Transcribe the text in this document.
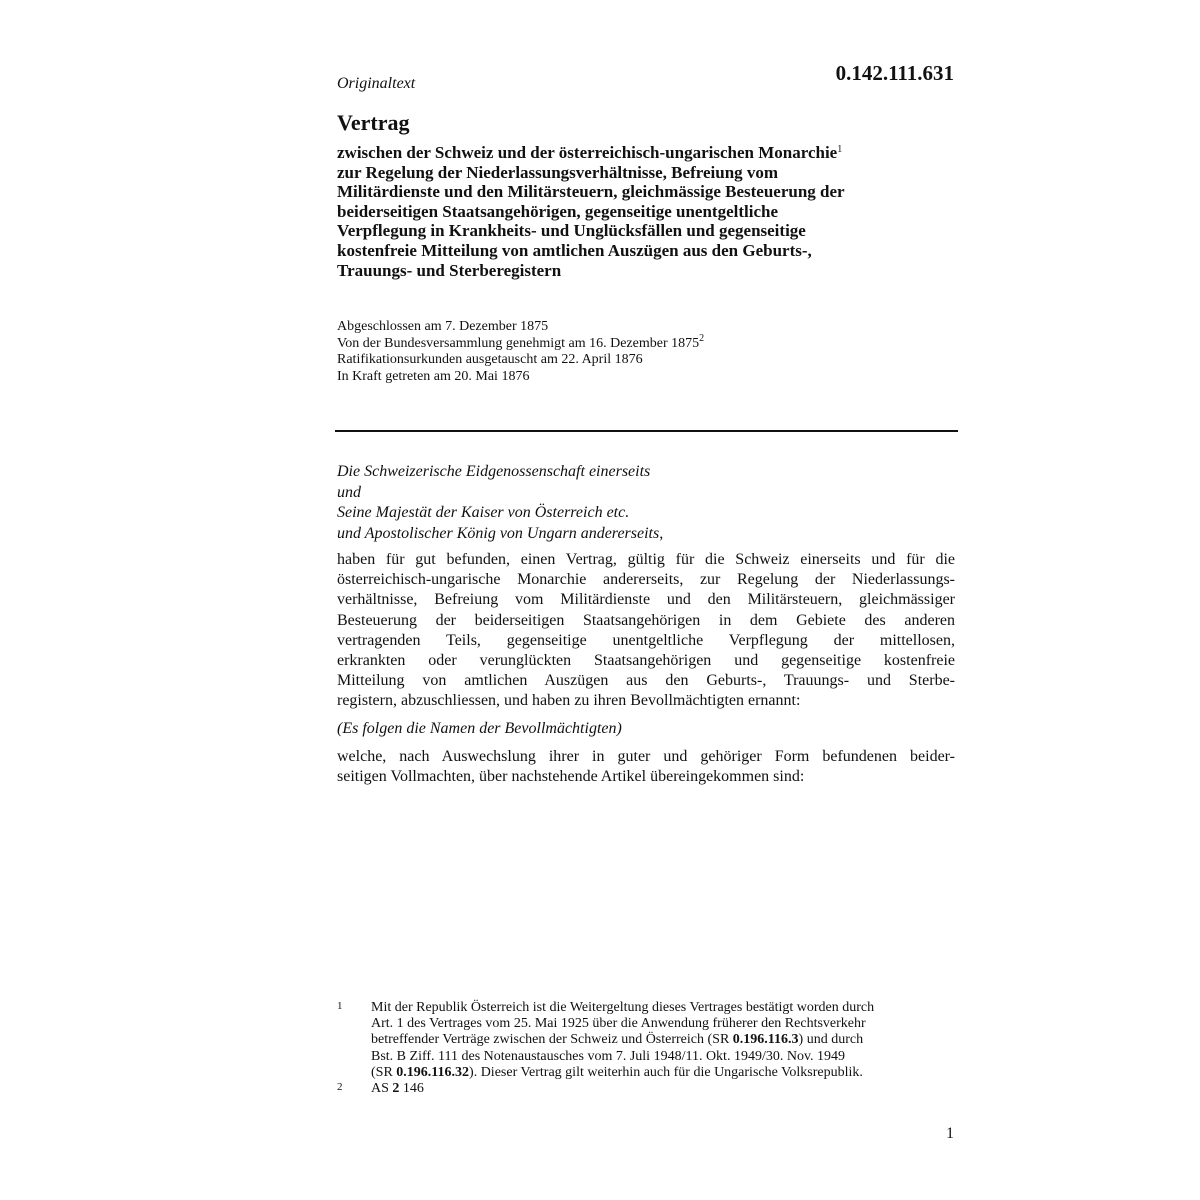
Originaltext	0.142.111.631
Vertrag
zwischen der Schweiz und der österreichisch-ungarischen Monarchie$^1$
zur Regelung der Niederlassungsverhältnisse, Befreiung vom
Militärdienste und den Militärsteuern, gleichmässige Besteuerung der
beiderseitigen Staatsangehörigen, gegenseitige unentgeltliche
Verpflegung in Krankheits- und Unglücksfällen und gegenseitige
kostenfreie Mitteilung von amtlichen Auszügen aus den Geburts-,
Trauungs- und Sterberegistern
Abgeschlossen am 7. Dezember 1875
Von der Bundesversammlung genehmigt am 16. Dezember 1875$^2$
Ratifikationsurkunden ausgetauscht am 22. April 1876
In Kraft getreten am 20. Mai 1876
Die Schweizerische Eidgenossenschaft einerseits
und
Seine Majestät der Kaiser von Österreich etc.
und Apostolischer König von Ungarn andererseits,
haben für gut befunden, einen Vertrag, gültig für die Schweiz einerseits und für die
österreichisch-ungarische Monarchie andererseits, zur Regelung der Niederlassungs-
verhältnisse, Befreiung vom Militärdienste und den Militärsteuern, gleichmässiger
Besteuerung der beiderseitigen Staatsangehörigen in dem Gebiete des anderen
vertragenden Teils, gegenseitige unentgeltliche Verpflegung der mittellosen,
erkrankten oder verunglückten Staatsangehörigen und gegenseitige kostenfreie
Mitteilung von amtlichen Auszügen aus den Geburts-, Trauungs- und Sterbe-
registern, abzuschliessen, und haben zu ihren Bevollmächtigten ernannt:
(Es folgen die Namen der Bevollmächtigten)
welche, nach Auswechslung ihrer in guter und gehöriger Form befundenen beider-
seitigen Vollmachten, über nachstehende Artikel übereingekommen sind:
1 Mit der Republik Österreich ist die Weitergeltung dieses Vertrages bestätigt worden durch
Art. 1 des Vertrages vom 25. Mai 1925 über die Anwendung früherer den Rechtsverkehr
betreffender Verträge zwischen der Schweiz und Österreich (SR 0.196.116.3) und durch
Bst. B Ziff. 111 des Notenaustausches vom 7. Juli 1948/11. Okt. 1949/30. Nov. 1949
(SR 0.196.116.32). Dieser Vertrag gilt weiterhin auch für die Ungarische Volksrepublik.
2 AS 2 146
1
